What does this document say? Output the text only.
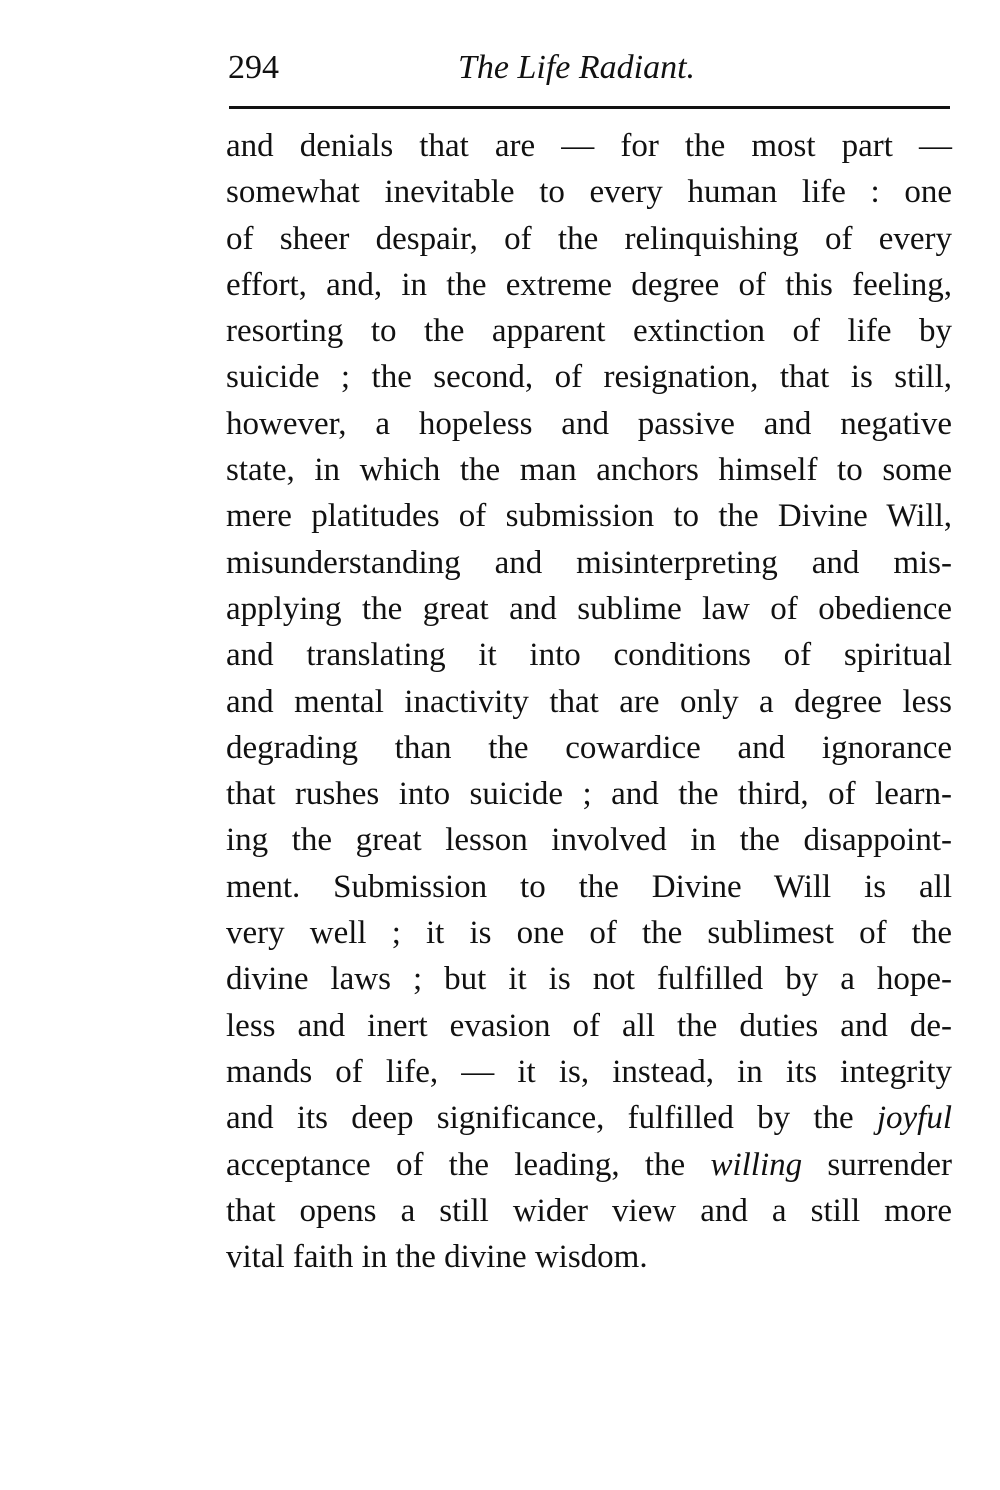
294	The Life Radiant.
and denials that are — for the most part —
somewhat inevitable to every human life : one
of sheer despair, of the relinquishing of every
effort, and, in the extreme degree of this feeling,
resorting to the apparent extinction of life by
suicide ; the second, of resignation, that is still,
however, a hopeless and passive and negative
state, in which the man anchors himself to some
mere platitudes of submission to the Divine Will,
misunderstanding and misinterpreting and mis-
applying the great and sublime law of obedience
and translating it into conditions of spiritual
and mental inactivity that are only a degree less
degrading than the cowardice and ignorance
that rushes into suicide ; and the third, of learn-
ing the great lesson involved in the disappoint-
ment. Submission to the Divine Will is all
very well ; it is one of the sublimest of the
divine laws ; but it is not fulfilled by a hope-
less and inert evasion of all the duties and de-
mands of life, — it is, instead, in its integrity
and its deep significance, fulfilled by the joyful
acceptance of the leading, the willing surrender
that opens a still wider view and a still more
vital faith in the divine wisdom.
